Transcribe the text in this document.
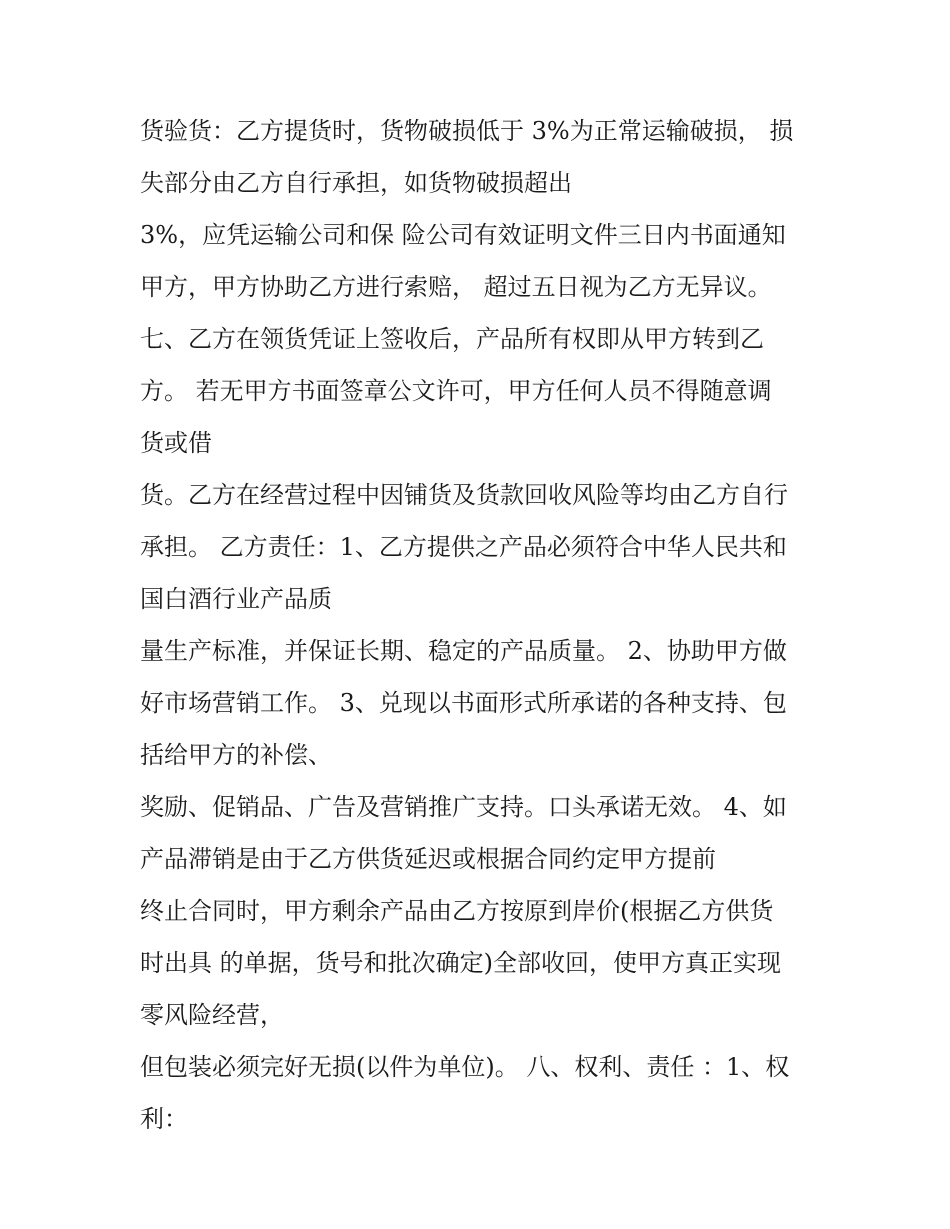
货验货：乙方提货时，货物破损低于 3%为正常运输破损， 损
失部分由乙方自行承担，如货物破损超出
3%，应凭运输公司和保 险公司有效证明文件三日内书面通知
甲方，甲方协助乙方进行索赔， 超过五日视为乙方无异议。
七、乙方在领货凭证上签收后，产品所有权即从甲方转到乙
方。 若无甲方书面签章公文许可，甲方任何人员不得随意调
货或借
货。乙方在经营过程中因铺货及货款回收风险等均由乙方自行
承担。 乙方责任：1、乙方提供之产品必须符合中华人民共和
国白酒行业产品质
量生产标准，并保证长期、稳定的产品质量。 2、协助甲方做
好市场营销工作。 3、兑现以书面形式所承诺的各种支持、包
括给甲方的补偿、
奖励、促销品、广告及营销推广支持。口头承诺无效。 4、如
产品滞销是由于乙方供货延迟或根据合同约定甲方提前
终止合同时，甲方剩余产品由乙方按原到岸价(根据乙方供货
时出具 的单据，货号和批次确定)全部收回，使甲方真正实现
零风险经营，
但包装必须完好无损(以件为单位)。 八、权利、责任 ：1、权
利：
